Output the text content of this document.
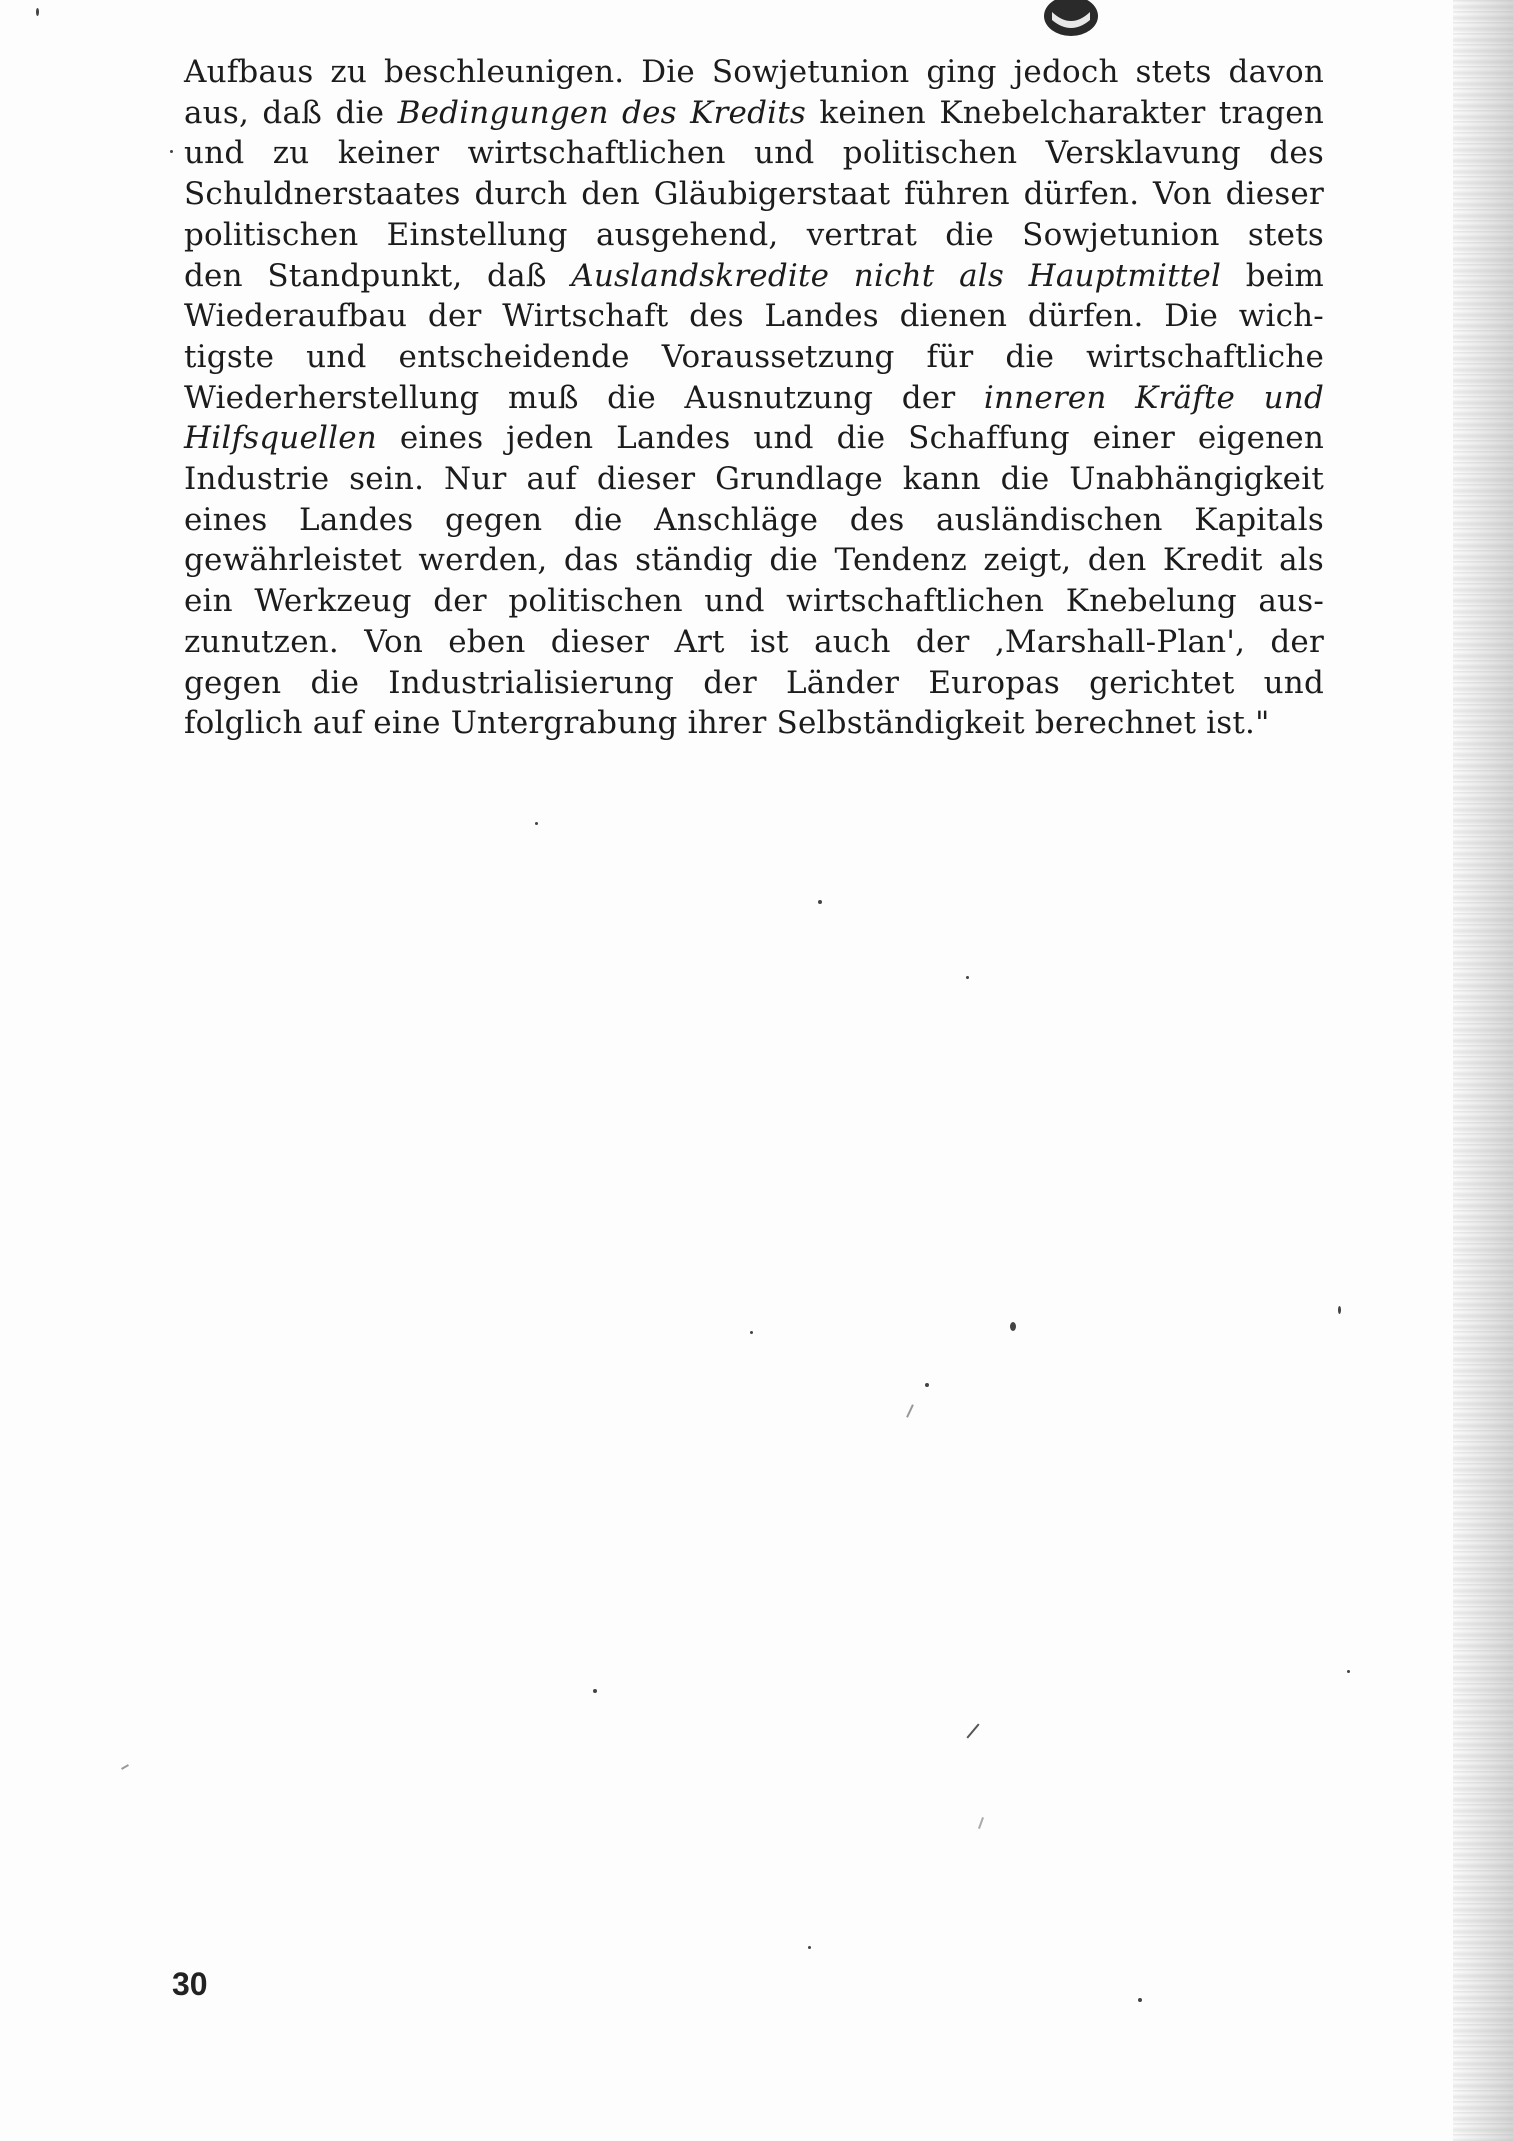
Aufbaus zu beschleunigen. Die Sowjetunion ging jedoch stets davon
aus, daß die Bedingungen des Kredits keinen Knebelcharakter tragen
und zu keiner wirtschaftlichen und politischen Versklavung des
Schuldnerstaates durch den Gläubigerstaat führen dürfen. Von dieser
politischen Einstellung ausgehend, vertrat die Sowjetunion stets
den Standpunkt, daß Auslandskredite nicht als Hauptmittel beim
Wiederaufbau der Wirtschaft des Landes dienen dürfen. Die wich-
tigste und entscheidende Voraussetzung für die wirtschaftliche
Wiederherstellung muß die Ausnutzung der inneren Kräfte und
Hilfsquellen eines jeden Landes und die Schaffung einer eigenen
Industrie sein. Nur auf dieser Grundlage kann die Unabhängigkeit
eines Landes gegen die Anschläge des ausländischen Kapitals
gewährleistet werden, das ständig die Tendenz zeigt, den Kredit als
ein Werkzeug der politischen und wirtschaftlichen Knebelung aus-
zunutzen. Von eben dieser Art ist auch der ‚Marshall-Plan', der
gegen die Industrialisierung der Länder Europas gerichtet und
folglich auf eine Untergrabung ihrer Selbständigkeit berechnet ist."
30
